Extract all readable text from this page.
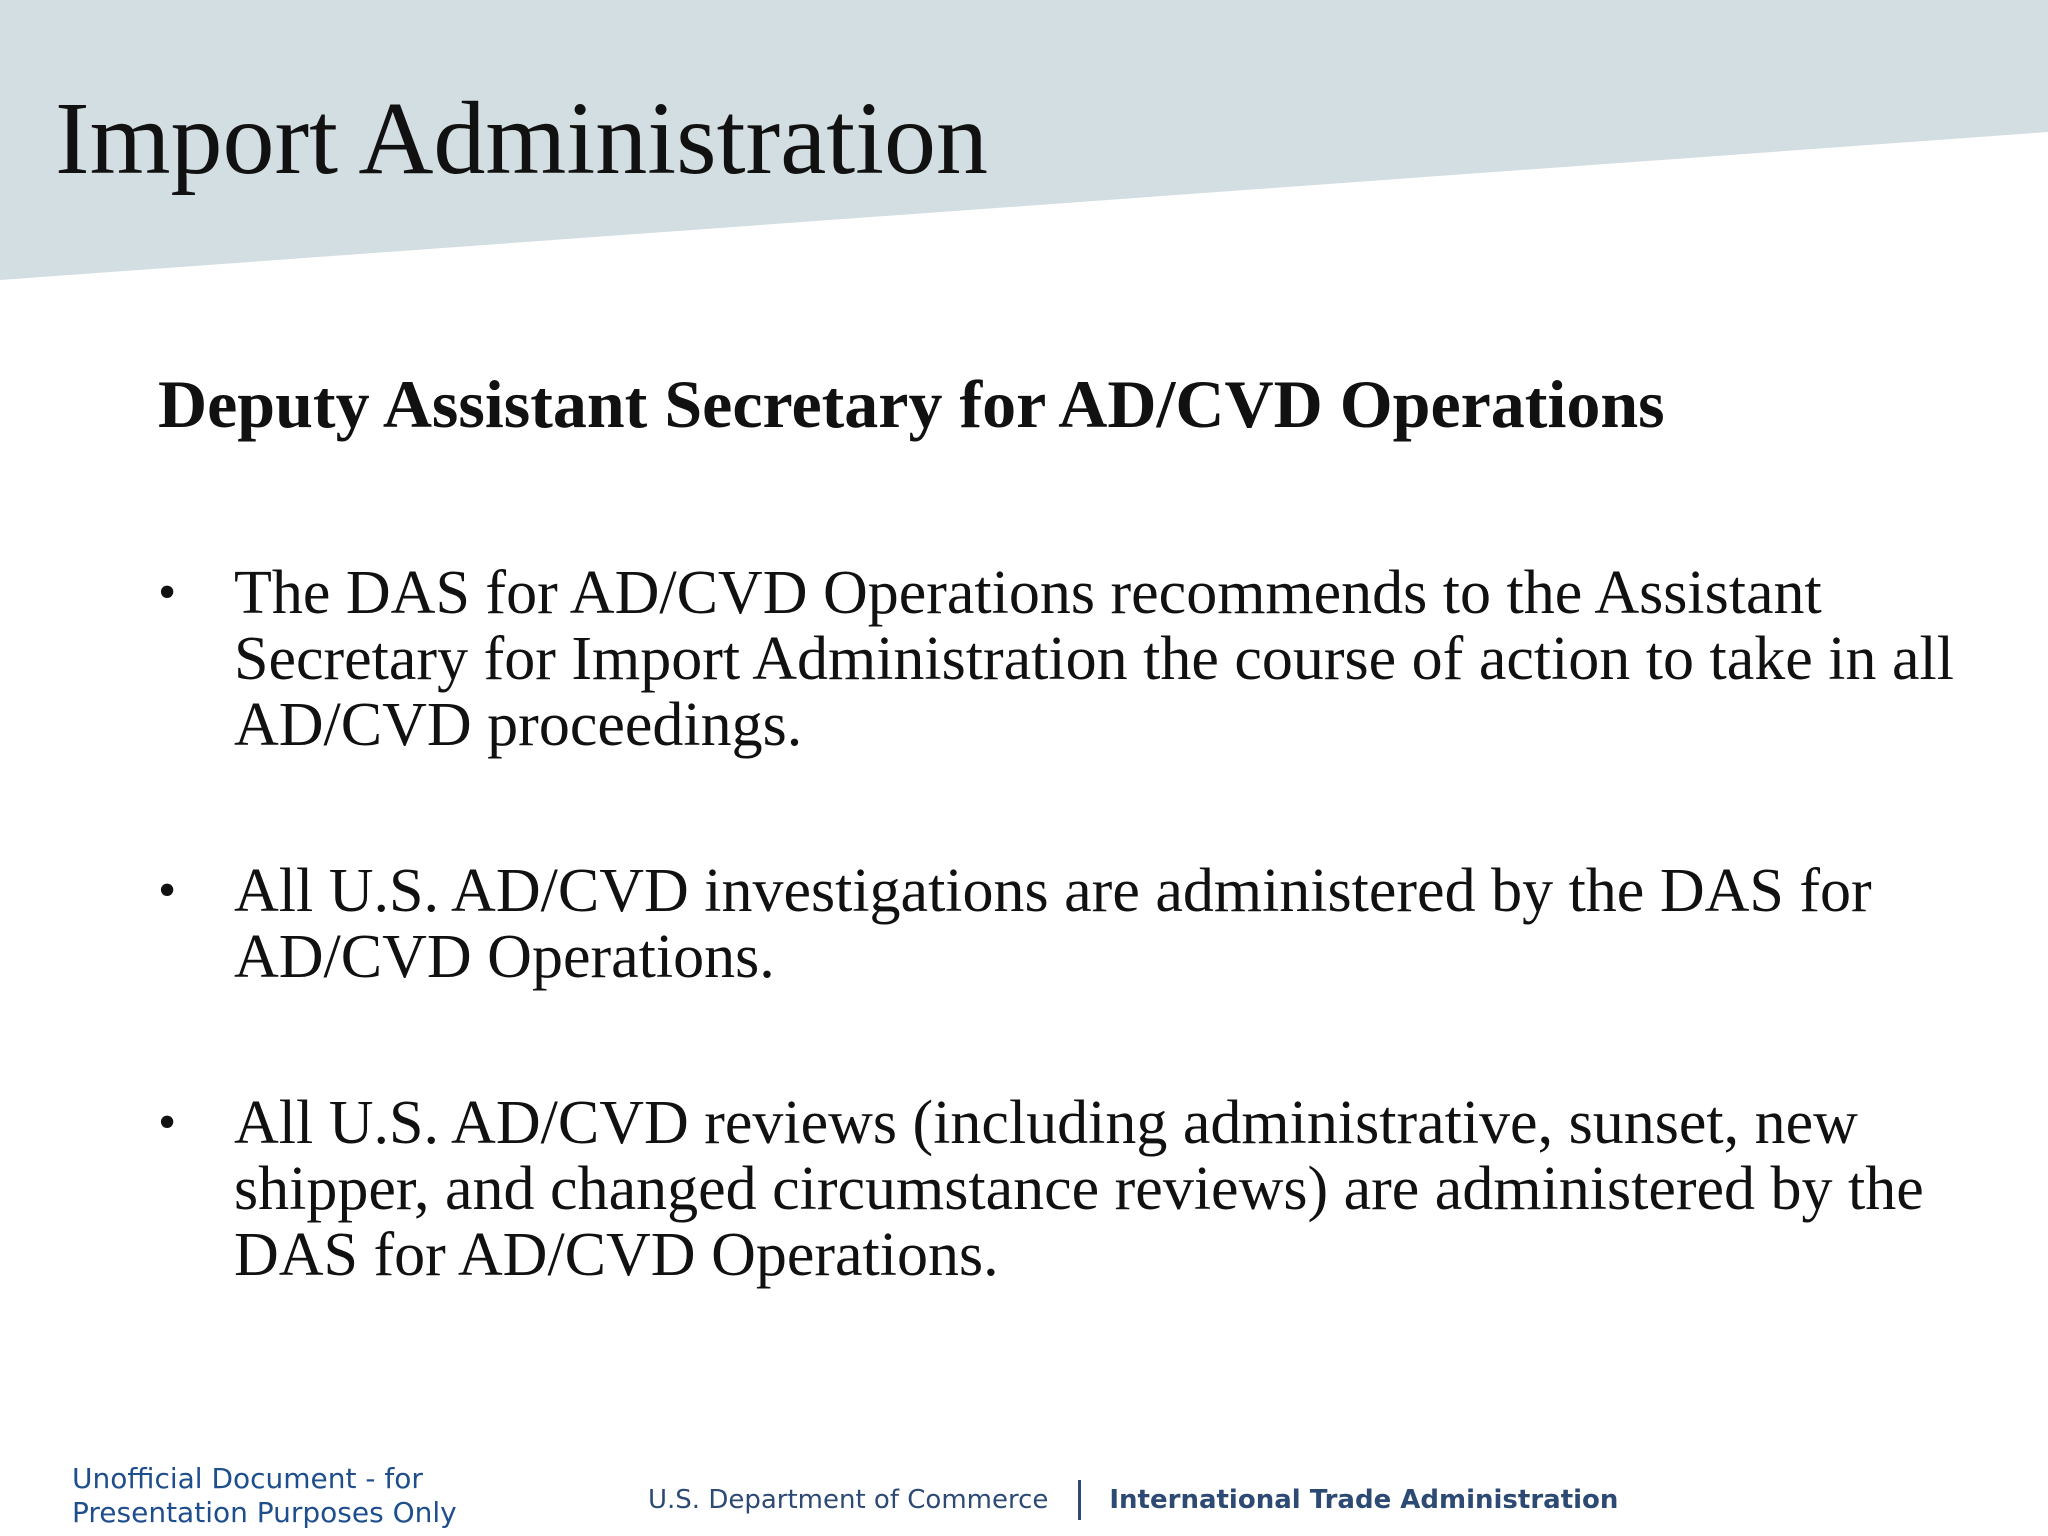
Import Administration
Deputy Assistant Secretary for AD/CVD Operations
• The DAS for AD/CVD Operations recommends to the Assistant Secretary for Import Administration the course of action to take in all AD/CVD proceedings.
• All U.S. AD/CVD investigations are administered by the DAS for AD/CVD Operations.
• All U.S. AD/CVD reviews (including administrative, sunset, new shipper, and changed circumstance reviews) are administered by the DAS for AD/CVD Operations.
Unofficial Document - for
Presentation Purposes Only	U.S. Department of Commerce International Trade Administration
